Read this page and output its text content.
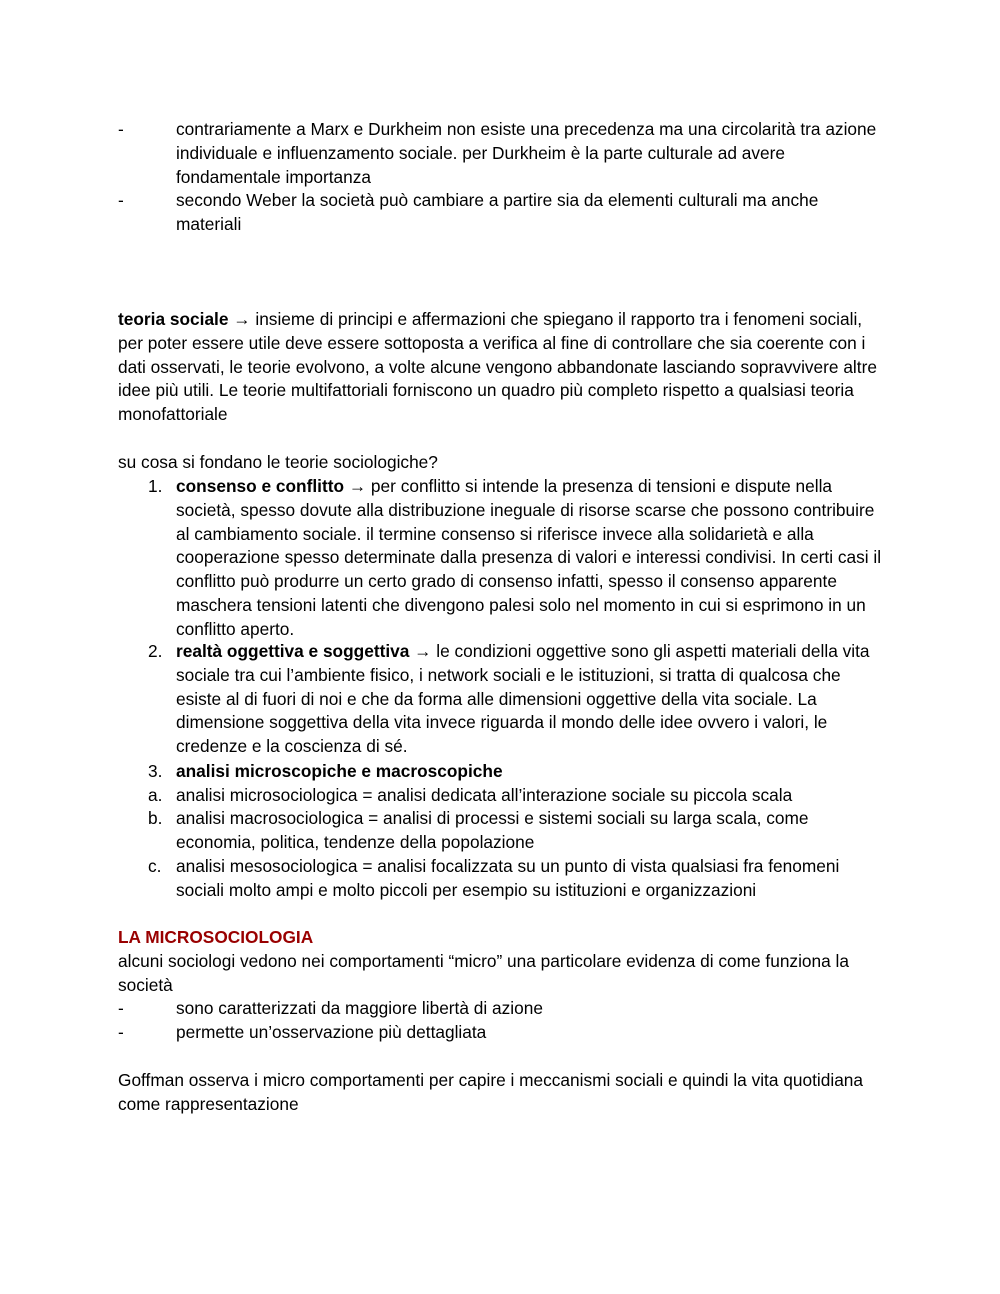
-	contrariamente a Marx e Durkheim non esiste una precedenza ma una circolarità tra azione individuale e influenzamento sociale. per Durkheim è la parte culturale ad avere fondamentale importanza
-	secondo Weber la società può cambiare a partire sia da elementi culturali ma anche materiali
teoria sociale → insieme di principi e affermazioni che spiegano il rapporto tra i fenomeni sociali, per poter essere utile deve essere sottoposta a verifica al fine di controllare che sia coerente con i dati osservati, le teorie evolvono, a volte alcune vengono abbandonate lasciando sopravvivere altre idee più utili. Le teorie multifattoriali forniscono un quadro più completo rispetto a qualsiasi teoria monofattoriale
su cosa si fondano le teorie sociologiche?
1. consenso e conflitto → per conflitto si intende la presenza di tensioni e dispute nella società, spesso dovute alla distribuzione ineguale di risorse scarse che possono contribuire al cambiamento sociale. il termine consenso si riferisce invece alla solidarietà e alla cooperazione spesso determinate dalla presenza di valori e interessi condivisi. In certi casi il conflitto può produrre un certo grado di consenso infatti, spesso il consenso apparente maschera tensioni latenti che divengono palesi solo nel momento in cui si esprimono in un conflitto aperto.
2. realtà oggettiva e soggettiva → le condizioni oggettive sono gli aspetti materiali della vita sociale tra cui l’ambiente fisico, i network sociali e le istituzioni, si tratta di qualcosa che esiste al di fuori di noi e che da forma alle dimensioni oggettive della vita sociale. La dimensione soggettiva della vita invece riguarda il mondo delle idee ovvero i valori, le credenze e la coscienza di sé.
3. analisi microscopiche e macroscopiche
a. analisi microsociologica = analisi dedicata all’interazione sociale su piccola scala
b. analisi macrosociologica = analisi di processi e sistemi sociali su larga scala, come economia, politica, tendenze della popolazione
c. analisi mesosociologica = analisi focalizzata su un punto di vista qualsiasi fra fenomeni sociali molto ampi e molto piccoli per esempio su istituzioni e organizzazioni
LA MICROSOCIOLOGIA
alcuni sociologi vedono nei comportamenti “micro” una particolare evidenza di come funziona la società
-	sono caratterizzati da maggiore libertà di azione
-	permette un’osservazione più dettagliata
Goffman osserva i micro comportamenti per capire i meccanismi sociali e quindi la vita quotidiana come rappresentazione
